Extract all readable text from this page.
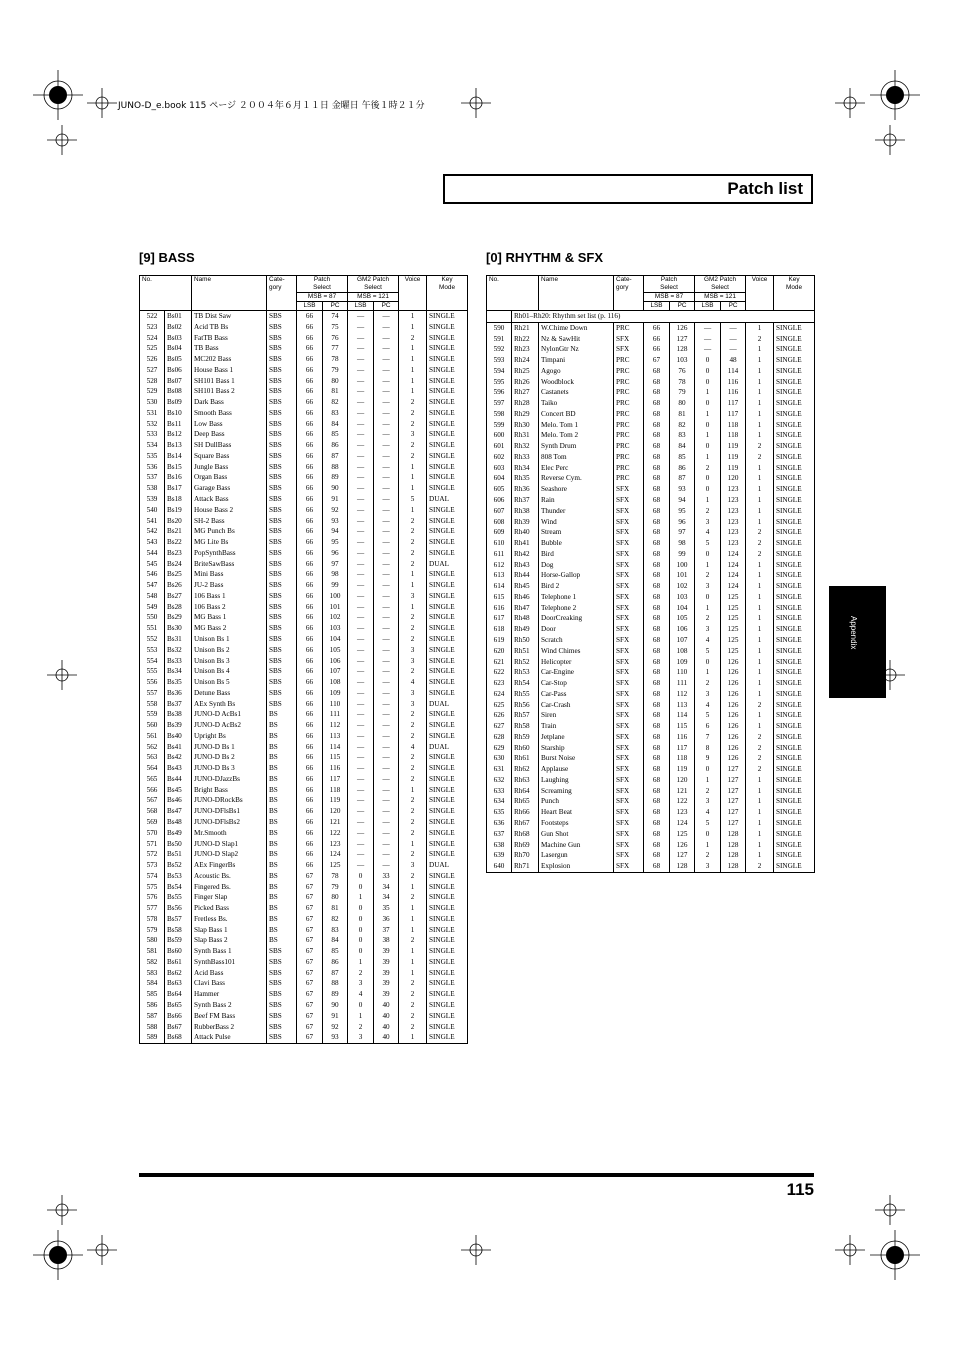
JUNO-D_e.book 115 ページ ２００４年６月１１日 金曜日 午後１時２１分
Patch list
[9] BASS	[0] RHYTHM & SFX
No.		Name	Cate-
gory	Patch
Select		GM2 Patch
Select		Voice	Key
Mode
				MSB = 87		MSB = 121			
				LSB	PC	LSB	PC		
522	Bs01	TB Dist Saw	SBS	66	74	—	—	1	SINGLE
523	Bs02	Acid TB Bs	SBS	66	75	—	—	1	SINGLE
524	Bs03	FatTB Bass	SBS	66	76	—	—	2	SINGLE
525	Bs04	TB Bass	SBS	66	77	—	—	1	SINGLE
526	Bs05	MC202 Bass	SBS	66	78	—	—	1	SINGLE
527	Bs06	House Bass 1	SBS	66	79	—	—	1	SINGLE
528	Bs07	SH101 Bass 1	SBS	66	80	—	—	1	SINGLE
529	Bs08	SH101 Bass 2	SBS	66	81	—	—	1	SINGLE
530	Bs09	Dark Bass	SBS	66	82	—	—	2	SINGLE
531	Bs10	Smooth Bass	SBS	66	83	—	—	2	SINGLE
532	Bs11	Low Bass	SBS	66	84	—	—	2	SINGLE
533	Bs12	Deep Bass	SBS	66	85	—	—	3	SINGLE
534	Bs13	SH DullBass	SBS	66	86	—	—	2	SINGLE
535	Bs14	Square Bass	SBS	66	87	—	—	2	SINGLE
536	Bs15	Jungle Bass	SBS	66	88	—	—	1	SINGLE
537	Bs16	Organ Bass	SBS	66	89	—	—	1	SINGLE
538	Bs17	Garage Bass	SBS	66	90	—	—	1	SINGLE
539	Bs18	Attack Bass	SBS	66	91	—	—	5	DUAL
540	Bs19	House Bass 2	SBS	66	92	—	—	1	SINGLE
541	Bs20	SH-2 Bass	SBS	66	93	—	—	2	SINGLE
542	Bs21	MG Punch Bs	SBS	66	94	—	—	2	SINGLE
543	Bs22	MG Lite Bs	SBS	66	95	—	—	2	SINGLE
544	Bs23	PopSynthBass	SBS	66	96	—	—	2	SINGLE
545	Bs24	BriteSawBass	SBS	66	97	—	—	2	DUAL
546	Bs25	Mini Bass	SBS	66	98	—	—	1	SINGLE
547	Bs26	JU-2 Bass	SBS	66	99	—	—	1	SINGLE
548	Bs27	106 Bass 1	SBS	66	100	—	—	3	SINGLE
549	Bs28	106 Bass 2	SBS	66	101	—	—	1	SINGLE
550	Bs29	MG Bass 1	SBS	66	102	—	—	2	SINGLE
551	Bs30	MG Bass 2	SBS	66	103	—	—	2	SINGLE
552	Bs31	Unison Bs 1	SBS	66	104	—	—	2	SINGLE
553	Bs32	Unison Bs 2	SBS	66	105	—	—	3	SINGLE
554	Bs33	Unison Bs 3	SBS	66	106	—	—	3	SINGLE
555	Bs34	Unison Bs 4	SBS	66	107	—	—	2	SINGLE
556	Bs35	Unison Bs 5	SBS	66	108	—	—	4	SINGLE
557	Bs36	Detune Bass	SBS	66	109	—	—	3	SINGLE
558	Bs37	AEx Synth Bs	SBS	66	110	—	—	3	DUAL
559	Bs38	JUNO-D AcBs1	BS	66	111	—	—	2	SINGLE
560	Bs39	JUNO-D AcBs2	BS	66	112	—	—	2	SINGLE
561	Bs40	Upright Bs	BS	66	113	—	—	2	SINGLE
562	Bs41	JUNO-D Bs 1	BS	66	114	—	—	4	DUAL
563	Bs42	JUNO-D Bs 2	BS	66	115	—	—	2	SINGLE
564	Bs43	JUNO-D Bs 3	BS	66	116	—	—	2	SINGLE
565	Bs44	JUNO-DJazzBs	BS	66	117	—	—	2	SINGLE
566	Bs45	Bright Bass	BS	66	118	—	—	1	SINGLE
567	Bs46	JUNO-DRockBs	BS	66	119	—	—	2	SINGLE
568	Bs47	JUNO-DFlsBs1	BS	66	120	—	—	2	SINGLE
569	Bs48	JUNO-DFlsBs2	BS	66	121	—	—	2	SINGLE
570	Bs49	Mr.Smooth	BS	66	122	—	—	2	SINGLE
571	Bs50	JUNO-D Slap1	BS	66	123	—	—	1	SINGLE
572	Bs51	JUNO-D Slap2	BS	66	124	—	—	2	SINGLE
573	Bs52	AEx FingerBs	BS	66	125	—	—	3	DUAL
574	Bs53	Acoustic Bs.	BS	67	78	0	33	2	SINGLE
575	Bs54	Fingered Bs.	BS	67	79	0	34	1	SINGLE
576	Bs55	Finger Slap	BS	67	80	1	34	2	SINGLE
577	Bs56	Picked Bass	BS	67	81	0	35	1	SINGLE
578	Bs57	Fretless Bs.	BS	67	82	0	36	1	SINGLE
579	Bs58	Slap Bass 1	BS	67	83	0	37	1	SINGLE
580	Bs59	Slap Bass 2	BS	67	84	0	38	2	SINGLE
581	Bs60	Synth Bass 1	SBS	67	85	0	39	1	SINGLE
582	Bs61	SynthBass101	SBS	67	86	1	39	1	SINGLE
583	Bs62	Acid Bass	SBS	67	87	2	39	1	SINGLE
584	Bs63	Clavi Bass	SBS	67	88	3	39	2	SINGLE
585	Bs64	Hammer	SBS	67	89	4	39	2	SINGLE
586	Bs65	Synth Bass 2	SBS	67	90	0	40	2	SINGLE
587	Bs66	Beef FM Bass	SBS	67	91	1	40	2	SINGLE
588	Bs67	RubberBass 2	SBS	67	92	2	40	2	SINGLE
589	Bs68	Attack Pulse	SBS	67	93	3	40	1	SINGLE
No.		Name	Cate-
gory	Patch
Select		GM2 Patch
Select		Voice	Key
Mode
				MSB = 87		MSB = 121			
				LSB	PC	LSB	PC		
	Rh01–Rh20: Rhythm set list (p. 116)								
590	Rh21	W.Chime Down	PRC	66	126	—	—	1	SINGLE
591	Rh22	Nz & SawHit	SFX	66	127	—	—	2	SINGLE
592	Rh23	NylonGtr Nz	SFX	66	128	—	—	1	SINGLE
593	Rh24	Timpani	PRC	67	103	0	48	1	SINGLE
594	Rh25	Agogo	PRC	68	76	0	114	1	SINGLE
595	Rh26	Woodblock	PRC	68	78	0	116	1	SINGLE
596	Rh27	Castanets	PRC	68	79	1	116	1	SINGLE
597	Rh28	Taiko	PRC	68	80	0	117	1	SINGLE
598	Rh29	Concert BD	PRC	68	81	1	117	1	SINGLE
599	Rh30	Melo. Tom 1	PRC	68	82	0	118	1	SINGLE
600	Rh31	Melo. Tom 2	PRC	68	83	1	118	1	SINGLE
601	Rh32	Synth Drum	PRC	68	84	0	119	2	SINGLE
602	Rh33	808 Tom	PRC	68	85	1	119	2	SINGLE
603	Rh34	Elec Perc	PRC	68	86	2	119	1	SINGLE
604	Rh35	Reverse Cym.	PRC	68	87	0	120	1	SINGLE
605	Rh36	Seashore	SFX	68	93	0	123	1	SINGLE
606	Rh37	Rain	SFX	68	94	1	123	1	SINGLE
607	Rh38	Thunder	SFX	68	95	2	123	1	SINGLE
608	Rh39	Wind	SFX	68	96	3	123	1	SINGLE
609	Rh40	Stream	SFX	68	97	4	123	2	SINGLE
610	Rh41	Bubble	SFX	68	98	5	123	2	SINGLE
611	Rh42	Bird	SFX	68	99	0	124	2	SINGLE
612	Rh43	Dog	SFX	68	100	1	124	1	SINGLE
613	Rh44	Horse-Gallop	SFX	68	101	2	124	1	SINGLE
614	Rh45	Bird 2	SFX	68	102	3	124	1	SINGLE
615	Rh46	Telephone 1	SFX	68	103	0	125	1	SINGLE
616	Rh47	Telephone 2	SFX	68	104	1	125	1	SINGLE
617	Rh48	DoorCreaking	SFX	68	105	2	125	1	SINGLE
618	Rh49	Door	SFX	68	106	3	125	1	SINGLE
619	Rh50	Scratch	SFX	68	107	4	125	1	SINGLE
620	Rh51	Wind Chimes	SFX	68	108	5	125	1	SINGLE
621	Rh52	Helicopter	SFX	68	109	0	126	1	SINGLE
622	Rh53	Car-Engine	SFX	68	110	1	126	1	SINGLE
623	Rh54	Car-Stop	SFX	68	111	2	126	1	SINGLE
624	Rh55	Car-Pass	SFX	68	112	3	126	1	SINGLE
625	Rh56	Car-Crash	SFX	68	113	4	126	2	SINGLE
626	Rh57	Siren	SFX	68	114	5	126	1	SINGLE
627	Rh58	Train	SFX	68	115	6	126	1	SINGLE
628	Rh59	Jetplane	SFX	68	116	7	126	2	SINGLE
629	Rh60	Starship	SFX	68	117	8	126	2	SINGLE
630	Rh61	Burst Noise	SFX	68	118	9	126	2	SINGLE
631	Rh62	Applause	SFX	68	119	0	127	2	SINGLE
632	Rh63	Laughing	SFX	68	120	1	127	1	SINGLE
633	Rh64	Screaming	SFX	68	121	2	127	1	SINGLE
634	Rh65	Punch	SFX	68	122	3	127	1	SINGLE
635	Rh66	Heart Beat	SFX	68	123	4	127	1	SINGLE
636	Rh67	Footsteps	SFX	68	124	5	127	1	SINGLE
637	Rh68	Gun Shot	SFX	68	125	0	128	1	SINGLE
638	Rh69	Machine Gun	SFX	68	126	1	128	1	SINGLE
639	Rh70	Lasergun	SFX	68	127	2	128	1	SINGLE
640	Rh71	Explosion	SFX	68	128	3	128	2	SINGLE
Appendix
115
